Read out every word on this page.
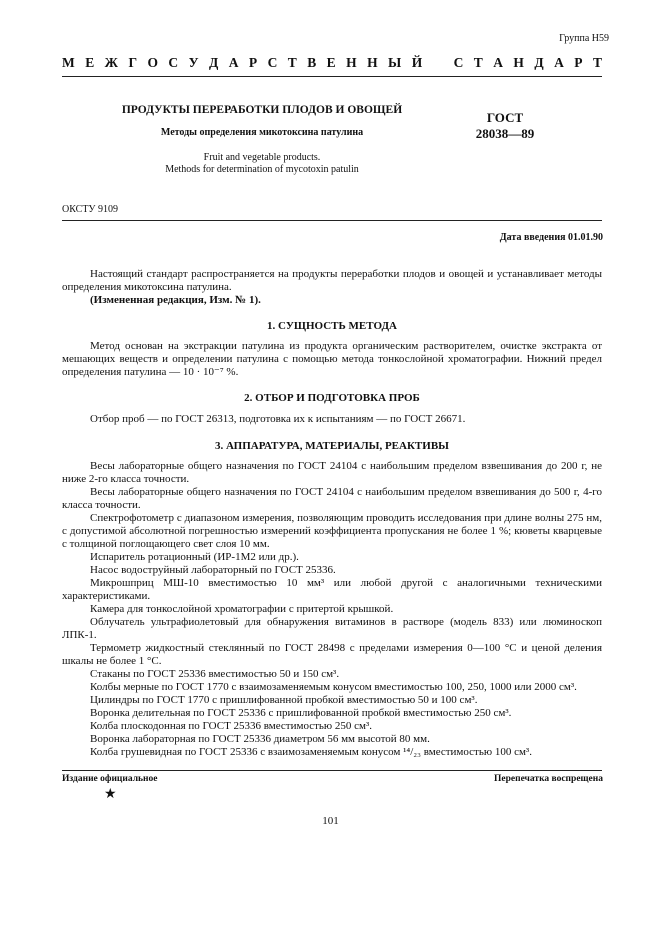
Группа Н59
М Е Ж Г О С У Д А Р С Т В Е Н Н Ы Й С Т А Н Д А Р Т
ПРОДУКТЫ ПЕРЕРАБОТКИ ПЛОДОВ И ОВОЩЕЙ
Методы определения микотоксина патулина
Fruit and vegetable products.
Methods for determination of mycotoxin patulin
ГОСТ
28038—89
ОКСТУ 9109
Дата введения 01.01.90

Настоящий стандарт распространяется на продукты переработки плодов и овощей и устанавливает методы определения микотоксина патулина.

(Измененная редакция, Изм. № 1).

1. СУЩНОСТЬ МЕТОДА

Метод основан на экстракции патулина из продукта органическим растворителем, очистке экстракта от мешающих веществ и определении патулина с помощью метода тонкослойной хроматографии. Нижний предел определения патулина — 10 · 10⁻⁷ %.

2. ОТБОР И ПОДГОТОВКА ПРОБ

Отбор проб — по ГОСТ 26313, подготовка их к испытаниям — по ГОСТ 26671.

3. АППАРАТУРА, МАТЕРИАЛЫ, РЕАКТИВЫ

Весы лабораторные общего назначения по ГОСТ 24104 с наибольшим пределом взвешивания до 200 г, не ниже 2-го класса точности.

Весы лабораторные общего назначения по ГОСТ 24104 с наибольшим пределом взвешивания до 500 г, 4-го класса точности.

Спектрофотометр с диапазоном измерения, позволяющим проводить исследования при длине волны 275 нм, с допустимой абсолютной погрешностью измерений коэффициента пропускания не более 1 %; кюветы кварцевые с толщиной поглощающего свет слоя 10 мм.

Испаритель ротационный (ИР-1М2 или др.).

Насос водоструйный лабораторный по ГОСТ 25336.

Микрошприц МШ-10 вместимостью 10 мм³ или любой другой с аналогичными техническими характеристиками.

Камера для тонкослойной хроматографии с притертой крышкой.

Облучатель ультрафиолетовый для обнаружения витаминов в растворе (модель 833) или люминоскоп ЛПК-1.

Термометр жидкостный стеклянный по ГОСТ 28498 с пределами измерения 0—100 °С и ценой деления шкалы не более 1 °С.

Стаканы по ГОСТ 25336 вместимостью 50 и 150 см³.

Колбы мерные по ГОСТ 1770 с взаимозаменяемым конусом вместимостью 100, 250, 1000 или 2000 см³.

Цилиндры по ГОСТ 1770 с пришлифованной пробкой вместимостью 50 и 100 см³.

Воронка делительная по ГОСТ 25336 с пришлифованной пробкой вместимостью 250 см³.

Колба плоскодонная по ГОСТ 25336 вместимостью 250 см³.

Воронка лабораторная по ГОСТ 25336 диаметром 56 мм высотой 80 мм.

Колба грушевидная по ГОСТ 25336 с взаимозаменяемым конусом ¹⁴/₂₃ вместимостью 100 см³.

Издание официальное
★
Перепечатка воспрещена
101
